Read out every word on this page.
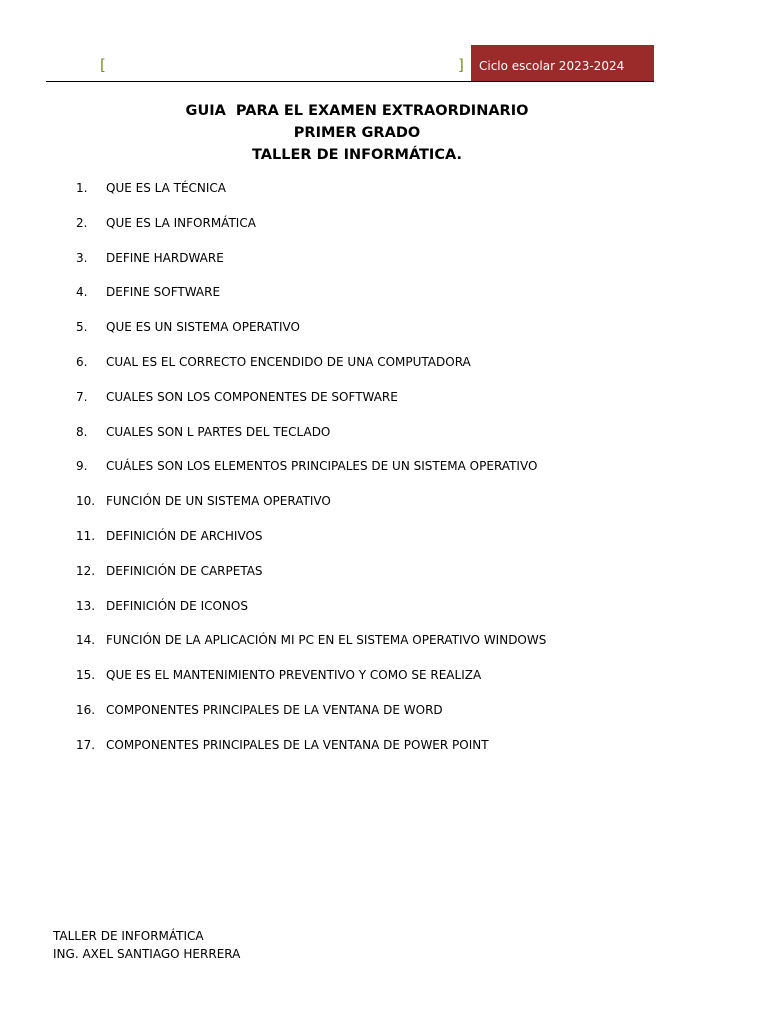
[	] Ciclo escolar 2023-2024
GUIA  PARA EL EXAMEN EXTRAORDINARIO
PRIMER GRADO
TALLER DE INFORMÁTICA.
1.	QUE ES LA TÉCNICA
2.	QUE ES LA INFORMÁTICA
3.	DEFINE HARDWARE
4.	DEFINE SOFTWARE
5.	QUE ES UN SISTEMA OPERATIVO
6.	CUAL ES EL CORRECTO ENCENDIDO DE UNA COMPUTADORA
7.	CUALES SON LOS COMPONENTES DE SOFTWARE
8.	CUALES SON L PARTES DEL TECLADO
9.	CUÁLES SON LOS ELEMENTOS PRINCIPALES DE UN SISTEMA OPERATIVO
10. FUNCIÓN DE UN SISTEMA OPERATIVO
11. DEFINICIÓN DE ARCHIVOS
12. DEFINICIÓN DE CARPETAS
13. DEFINICIÓN DE ICONOS
14. FUNCIÓN DE LA APLICACIÓN MI PC EN EL SISTEMA OPERATIVO WINDOWS
15. QUE ES EL MANTENIMIENTO PREVENTIVO Y COMO SE REALIZA
16. COMPONENTES PRINCIPALES DE LA VENTANA DE WORD
17. COMPONENTES PRINCIPALES DE LA VENTANA DE POWER POINT
TALLER DE INFORMÁTICA
ING. AXEL SANTIAGO HERRERA
